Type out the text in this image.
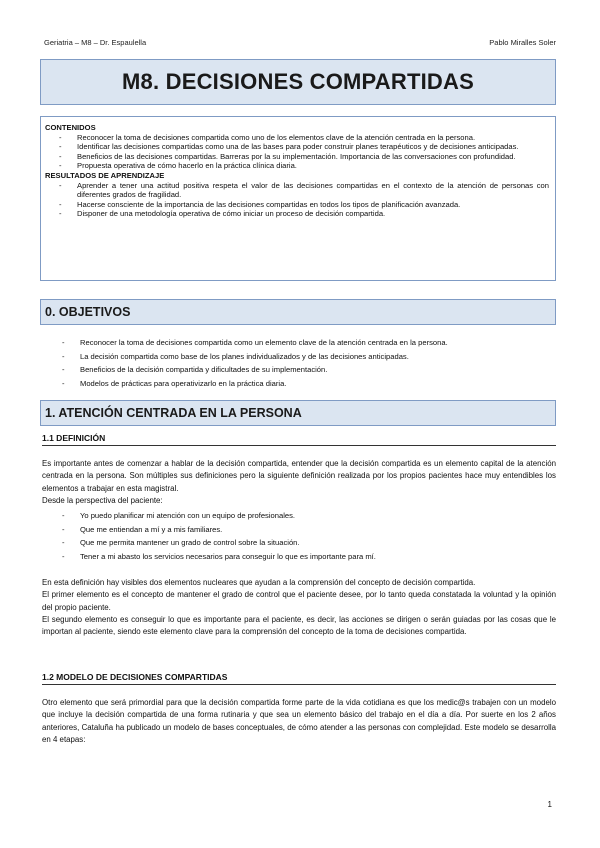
Geriatria – M8 – Dr. Espaulella	Pablo Miralles Soler
M8. DECISIONES COMPARTIDAS
CONTENIDOS
- Reconocer la toma de decisiones compartida como uno de los elementos clave de la atención centrada en la persona.
- Identificar las decisiones compartidas como una de las bases para poder construir planes terapéuticos y de decisiones anticipadas.
- Beneficios de las decisiones compartidas. Barreras por la su implementación. Importancia de las conversaciones con profundidad.
- Propuesta operativa de cómo hacerlo en la práctica clínica diaria.
RESULTADOS DE APRENDIZAJE
- Aprender a tener una actitud positiva respeta el valor de las decisiones compartidas en el contexto de la atención de personas con diferentes grados de fragilidad.
- Hacerse consciente de la importancia de las decisiones compartidas en todos los tipos de planificación avanzada.
- Disponer de una metodología operativa de cómo iniciar un proceso de decisión compartida.
0. OBJETIVOS
- Reconocer la toma de decisiones compartida como un elemento clave de la atención centrada en la persona.
- La decisión compartida como base de los planes individualizados y de las decisiones anticipadas.
- Beneficios de la decisión compartida y dificultades de su implementación.
- Modelos de prácticas para operativizarlo en la práctica diaria.
1. ATENCIÓN CENTRADA EN LA PERSONA
1.1 DEFINICIÓN

Es importante antes de comenzar a hablar de la decisión compartida, entender que la decisión compartida es un elemento capital de la atención centrada en la persona. Son múltiples sus definiciones pero la siguiente definición realizada por los propios pacientes hace muy entendibles los elementos a trabajar en esta magistral.

Desde la perspectiva del paciente:

- Yo puedo planificar mi atención con un equipo de profesionales.
- Que me entiendan a mí y a mis familiares.
- Que me permita mantener un grado de control sobre la situación.
- Tener a mi abasto los servicios necesarios para conseguir lo que es importante para mí.

En esta definición hay visibles dos elementos nucleares que ayudan a la comprensión del concepto de decisión compartida.

El primer elemento es el concepto de mantener el grado de control que el paciente desee, por lo tanto queda constatada la voluntad y la opinión del propio paciente.

El segundo elemento es conseguir lo que es importante para el paciente, es decir, las acciones se dirigen o serán guiadas por las cosas que le importan al paciente, siendo este elemento clave para la comprensión del concepto de la toma de decisiones compartida.

1.2 MODELO DE DECISIONES COMPARTIDAS

Otro elemento que será primordial para que la decisión compartida forme parte de la vida cotidiana es que los medic@s trabajen con un modelo que incluye la decisión compartida de una forma rutinaria y que sea un elemento básico del trabajo en el día a día. Por suerte en los 2 años anteriores, Cataluña ha publicado un modelo de bases conceptuales, de cómo atender a las personas con complejidad. Este modelo se desarrolla en 4 etapas:

1
